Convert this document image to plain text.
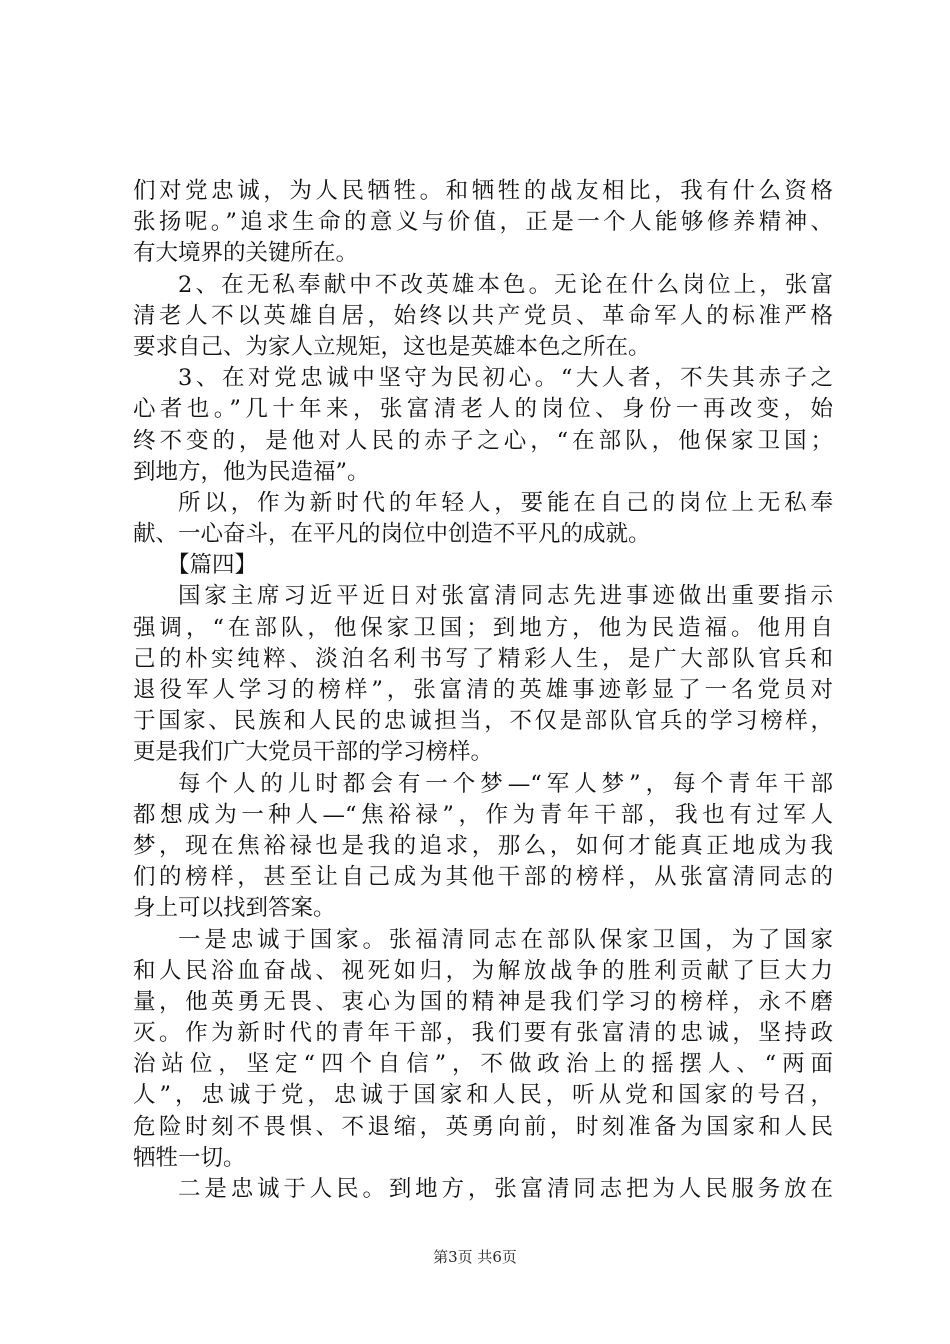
们对党忠诚，为人民牺牲。和牺牲的战友相比，我有什么资格
张扬呢。”追求生命的意义与价值，正是一个人能够修养精神、
有大境界的关键所在。
2、在无私奉献中不改英雄本色。无论在什么岗位上，张富
清老人不以英雄自居，始终以共产党员、革命军人的标准严格
要求自己、为家人立规矩，这也是英雄本色之所在。
3、在对党忠诚中坚守为民初心。“大人者，不失其赤子之
心者也。”几十年来，张富清老人的岗位、身份一再改变，始
终不变的，是他对人民的赤子之心，“在部队，他保家卫国；
到地方，他为民造福”。
所以，作为新时代的年轻人，要能在自己的岗位上无私奉
献、一心奋斗，在平凡的岗位中创造不平凡的成就。
【篇四】
国家主席习近平近日对张富清同志先进事迹做出重要指示
强调，“在部队，他保家卫国；到地方，他为民造福。他用自
己的朴实纯粹、淡泊名利书写了精彩人生，是广大部队官兵和
退役军人学习的榜样”，张富清的英雄事迹彰显了一名党员对
于国家、民族和人民的忠诚担当，不仅是部队官兵的学习榜样，
更是我们广大党员干部的学习榜样。
每个人的儿时都会有一个梦—“军人梦”，每个青年干部
都想成为一种人—“焦裕禄”，作为青年干部，我也有过军人
梦，现在焦裕禄也是我的追求，那么，如何才能真正地成为我
们的榜样，甚至让自己成为其他干部的榜样，从张富清同志的
身上可以找到答案。
一是忠诚于国家。张福清同志在部队保家卫国，为了国家
和人民浴血奋战、视死如归，为解放战争的胜利贡献了巨大力
量，他英勇无畏、衷心为国的精神是我们学习的榜样，永不磨
灭。作为新时代的青年干部，我们要有张富清的忠诚，坚持政
治站位，坚定“四个自信”，不做政治上的摇摆人、“两面
人”，忠诚于党，忠诚于国家和人民，听从党和国家的号召，
危险时刻不畏惧、不退缩，英勇向前，时刻准备为国家和人民
牺牲一切。
二是忠诚于人民。到地方，张富清同志把为人民服务放在
第3页 共6页
